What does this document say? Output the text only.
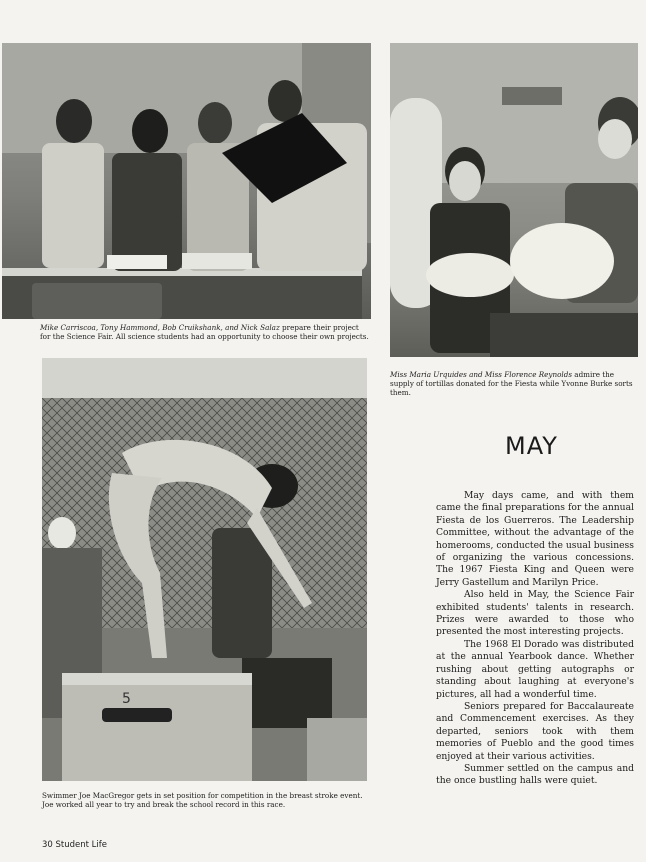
Mike Carriscoa, Tony Hammond, Bob Cruikshank, and Nick Salaz prepare their project for the Science Fair. All science students had an opportunity to choose their own projects.

Miss Maria Urquides and Miss Florence Reynolds admire the supply of tortillas donated for the Fiesta while Yvonne Burke sorts them.

5

Swimmer Joe MacGregor gets in set position for competition in the breast stroke event. Joe worked all year to try and break the school record in this race.

MAY

May days came, and with them came the final preparations for the annual Fiesta de los Guerreros. The Leadership Committee, without the advantage of the homerooms, conducted the usual business of organizing the various concessions. The 1967 Fiesta King and Queen were Jerry Gastellum and Marilyn Price.

Also held in May, the Science Fair exhibited students' talents in research. Prizes were awarded to those who presented the most interesting projects.

The 1968 El Dorado was distributed at the annual Yearbook dance. Whether rushing about getting autographs or standing about laughing at everyone's pictures, all had a wonderful time.

Seniors prepared for Baccalaureate and Commencement exercises. As they departed, seniors took with them memories of Pueblo and the good times enjoyed at their various activities.

Summer settled on the campus and the once bustling halls were quiet.

30 Student Life
